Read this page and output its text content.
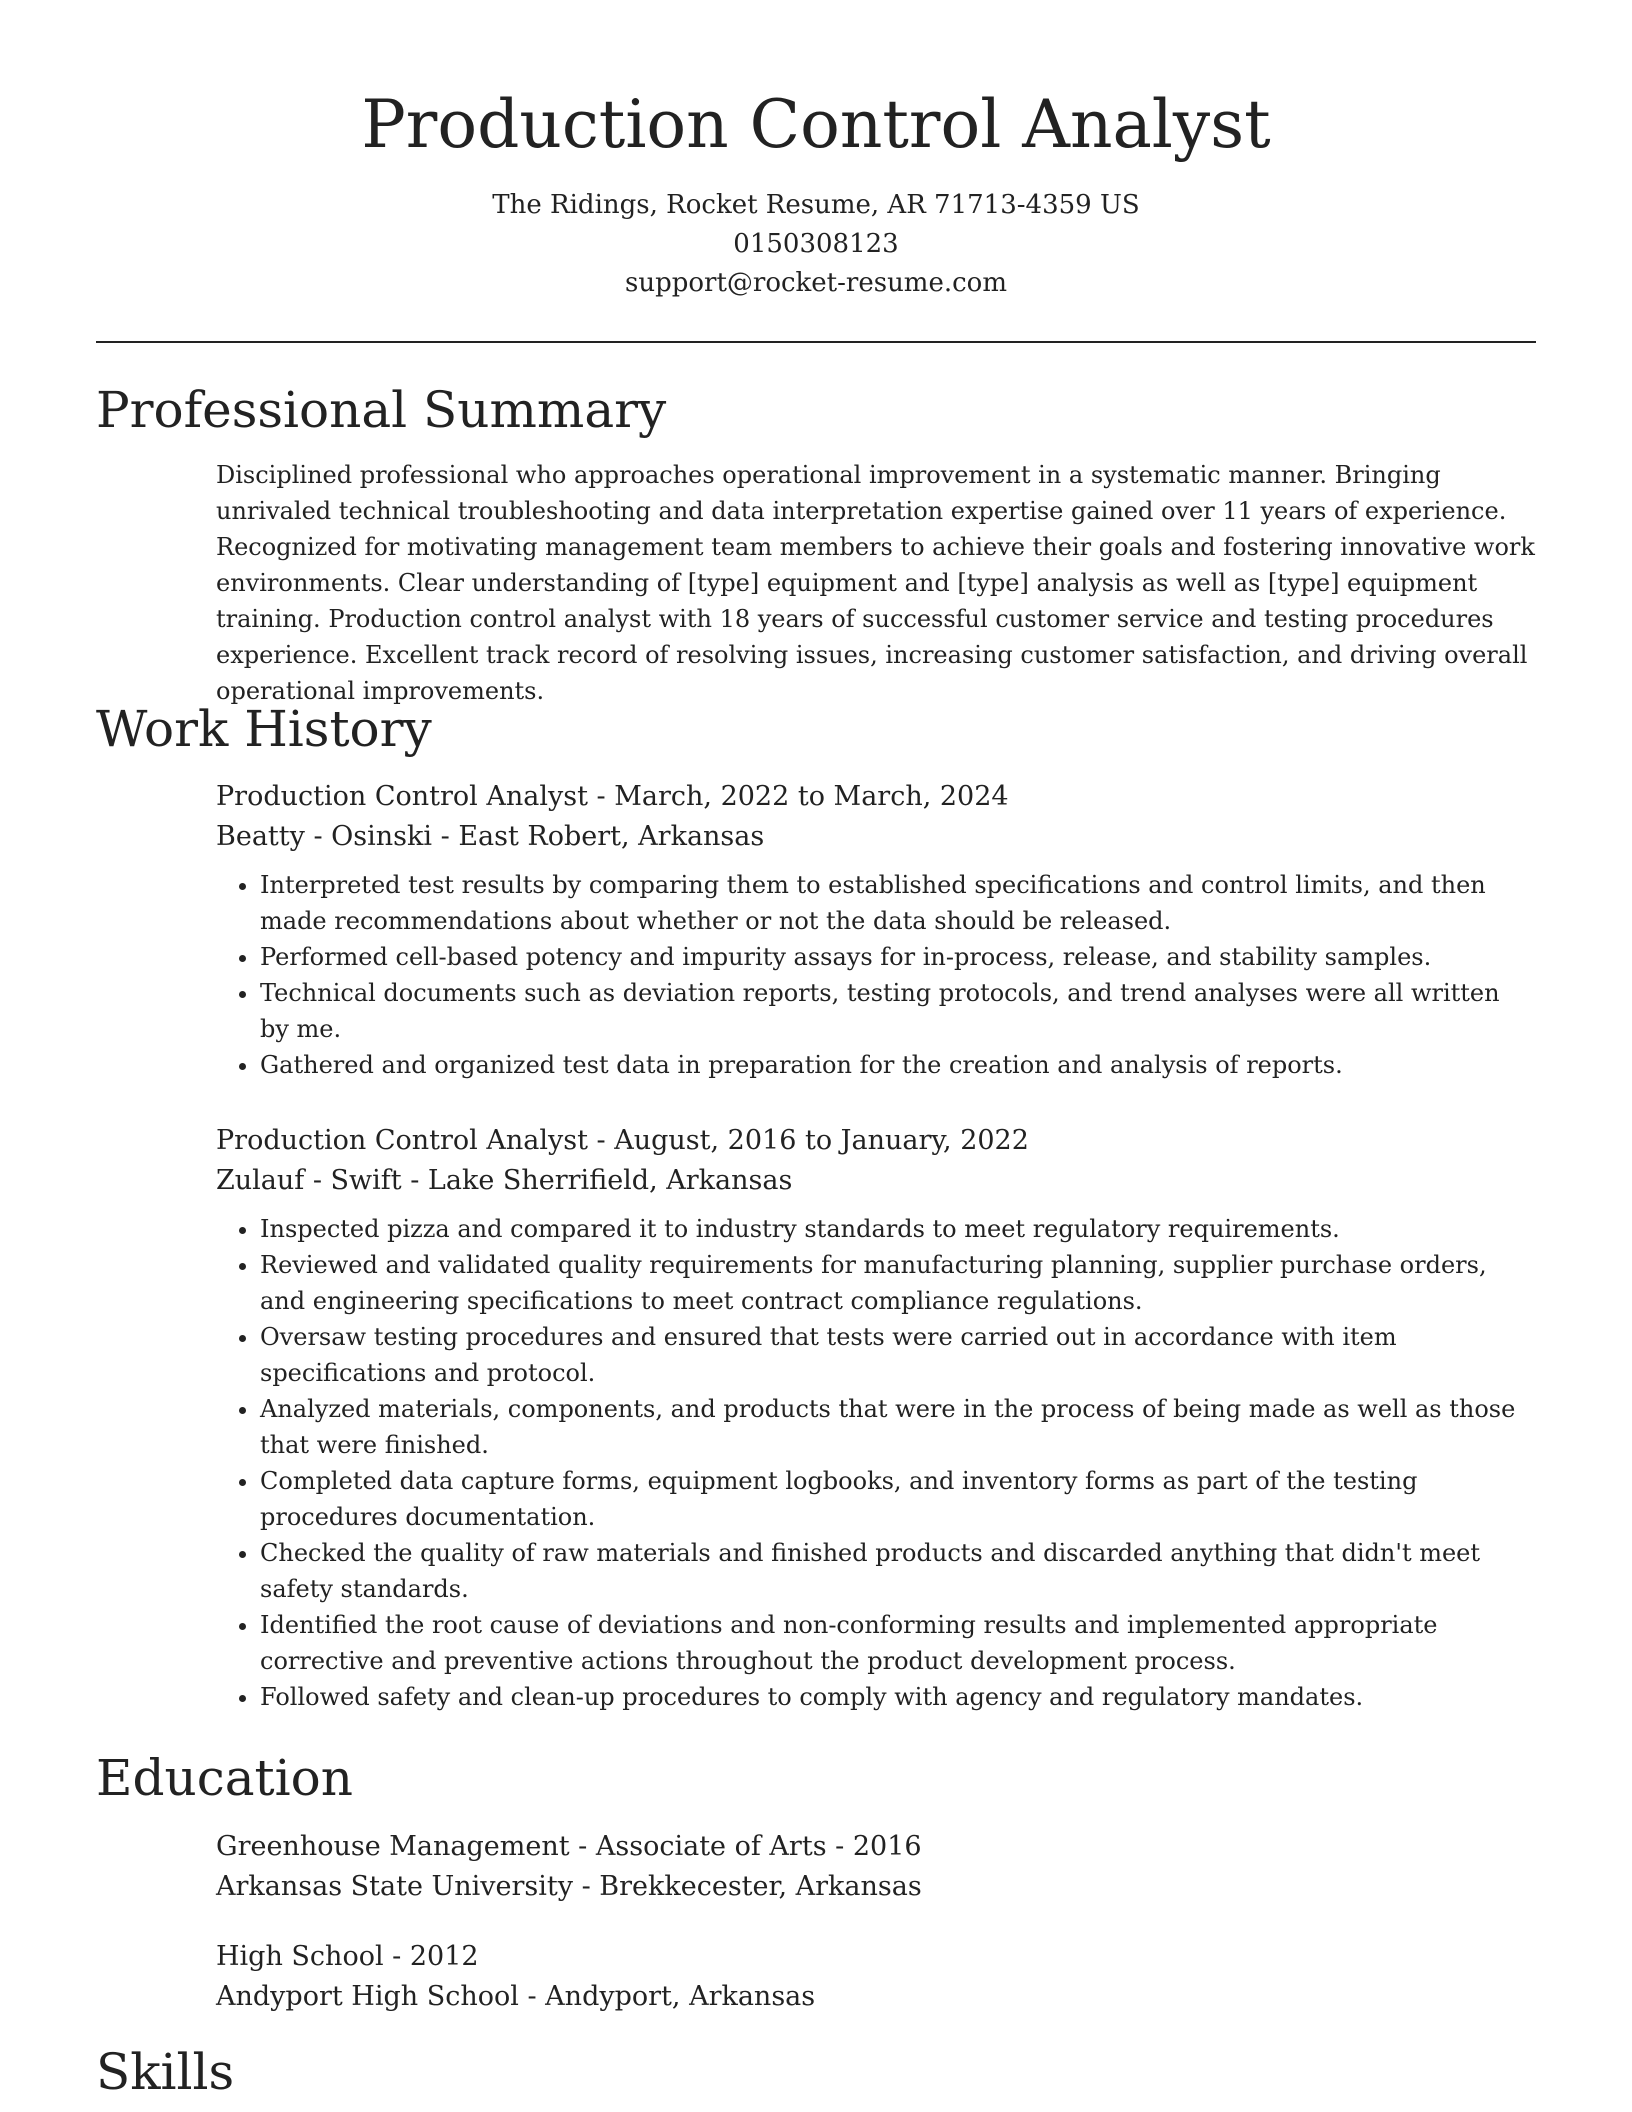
Production Control Analyst

The Ridings, Rocket Resume, AR 71713-4359 US

0150308123

support@rocket-resume.com

Professional Summary

Disciplined professional who approaches operational improvement in a systematic manner. Bringing unrivaled technical troubleshooting and data interpretation expertise gained over 11 years of experience. Recognized for motivating management team members to achieve their goals and fostering innovative work environments. Clear understanding of [type] equipment and [type] analysis as well as [type] equipment training. Production control analyst with 18 years of successful customer service and testing procedures experience. Excellent track record of resolving issues, increasing customer satisfaction, and driving overall operational improvements.

Work History

Production Control Analyst - March, 2022 to March, 2024

Beatty - Osinski - East Robert, Arkansas

• Interpreted test results by comparing them to established specifications and control limits, and then made recommendations about whether or not the data should be released.
• Performed cell-based potency and impurity assays for in-process, release, and stability samples.
• Technical documents such as deviation reports, testing protocols, and trend analyses were all written by me.
• Gathered and organized test data in preparation for the creation and analysis of reports.

Production Control Analyst - August, 2016 to January, 2022

Zulauf - Swift - Lake Sherrifield, Arkansas

• Inspected pizza and compared it to industry standards to meet regulatory requirements.
• Reviewed and validated quality requirements for manufacturing planning, supplier purchase orders, and engineering specifications to meet contract compliance regulations.
• Oversaw testing procedures and ensured that tests were carried out in accordance with item specifications and protocol.
• Analyzed materials, components, and products that were in the process of being made as well as those that were finished.
• Completed data capture forms, equipment logbooks, and inventory forms as part of the testing procedures documentation.
• Checked the quality of raw materials and finished products and discarded anything that didn't meet safety standards.
• Identified the root cause of deviations and non-conforming results and implemented appropriate corrective and preventive actions throughout the product development process.
• Followed safety and clean-up procedures to comply with agency and regulatory mandates.
Education

Greenhouse Management - Associate of Arts - 2016

Arkansas State University - Brekkecester, Arkansas

High School - 2012

Andyport High School - Andyport, Arkansas

Skills
